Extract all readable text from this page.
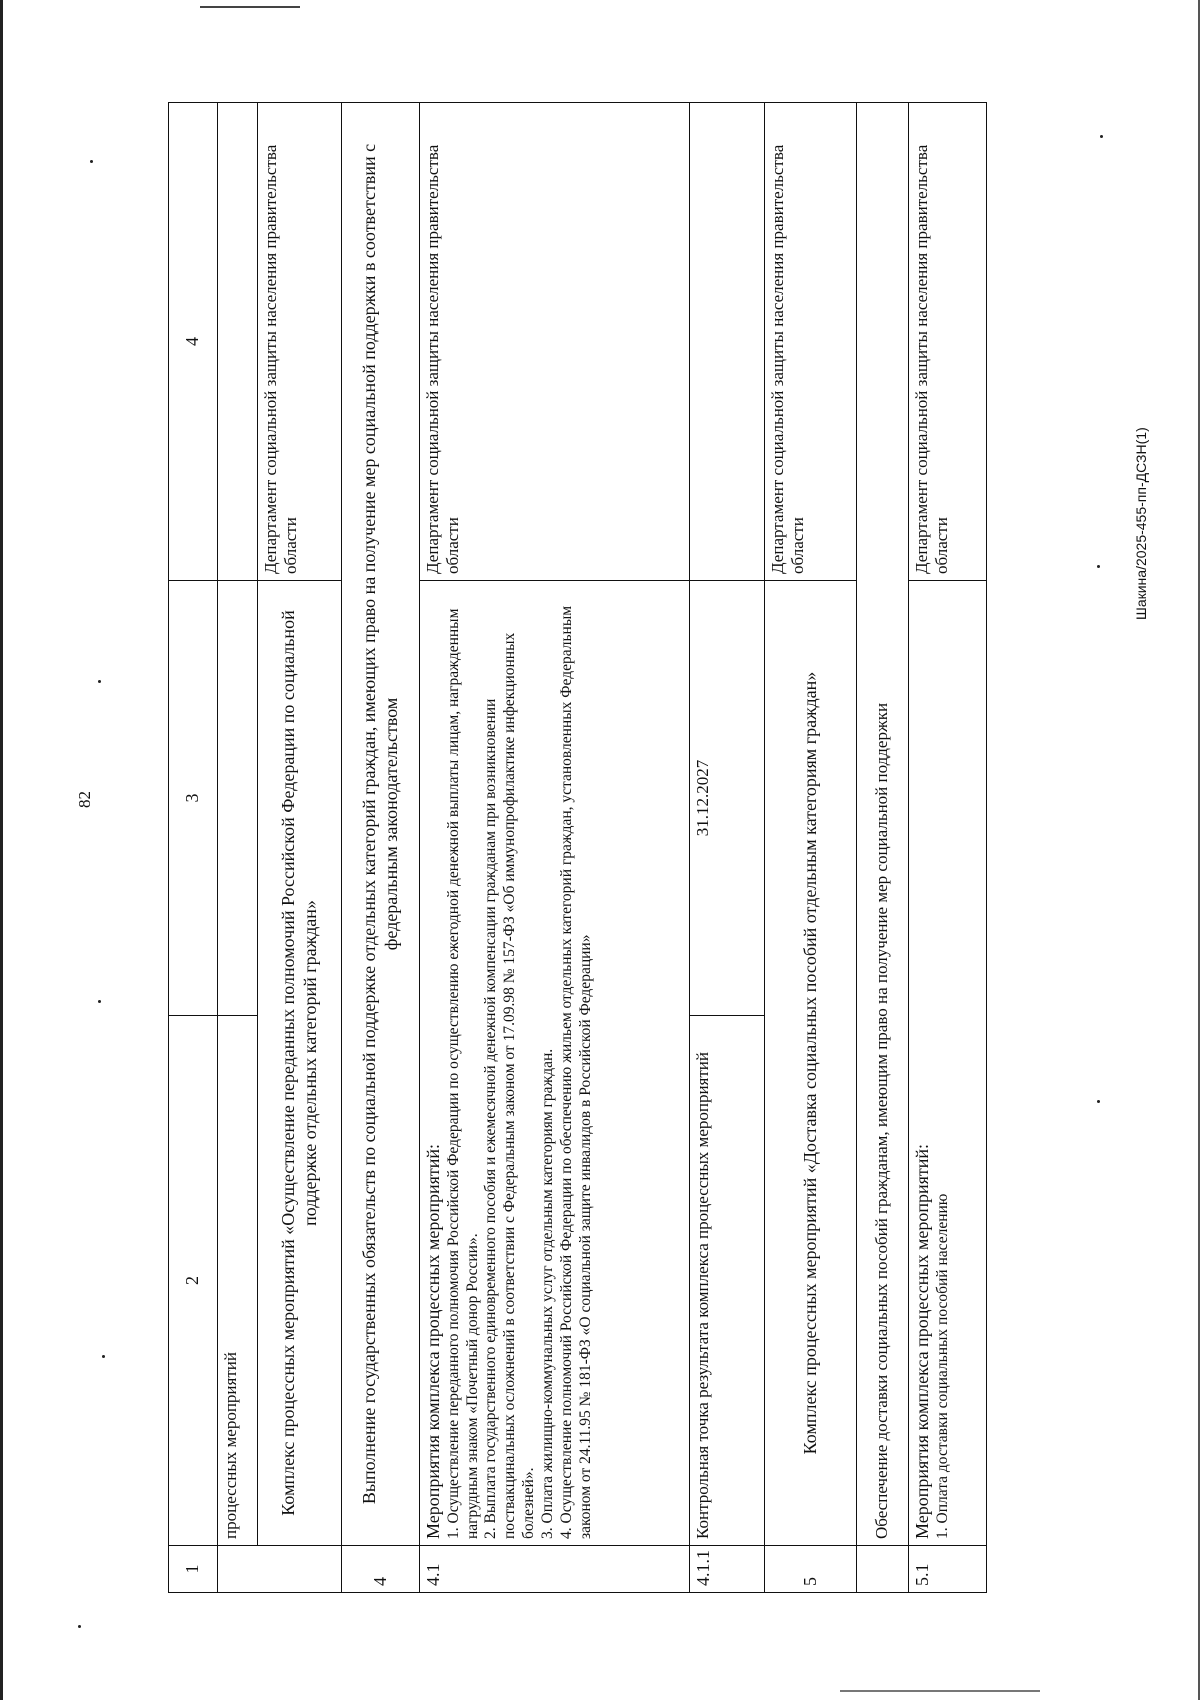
82
Шакина/2025-455-пп-ДСЗН(1)
1	2	3	4
	процессных мероприятий		
	Комплекс процессных мероприятий «Осуществление переданных полномочий Российской Федерации по социальной поддержке отдельных категорий граждан»		Департамент социальной защиты населения правительства области
4	Выполнение государственных обязательств по социальной поддержке отдельных категорий граждан, имеющих право на получение мер социальной поддержки в соответствии с федеральным законодательством		
4.1	Мероприятия комплекса процессных мероприятий: 1. Осуществление переданного полномочия Российской Федерации по осуществлению ежегодной денежной выплаты лицам, награжденным нагрудным знаком «Почетный донор России». 2. Выплата государственного единовременного пособия и ежемесячной денежной компенсации гражданам при возникновении поствакцинальных осложнений в соответствии с Федеральным законом от 17.09.98 № 157-ФЗ «Об иммунопрофилактике инфекционных болезней». 3. Оплата жилищно-коммунальных услуг отдельным категориям граждан. 4. Осуществление полномочий Российской Федерации по обеспечению жильем отдельных категорий граждан, установленных Федеральным законом от 24.11.95 № 181-ФЗ «О социальной защите инвалидов в Российской Федерации»		Департамент социальной защиты населения правительства области
4.1.1	Контрольная точка результата комплекса процессных мероприятий	31.12.2027	
5	Комплекс процессных мероприятий «Доставка социальных пособий отдельным категориям граждан»		Департамент социальной защиты населения правительства области
	Обеспечение доставки социальных пособий гражданам, имеющим право на получение мер социальной поддержки		
5.1	Мероприятия комплекса процессных мероприятий: 1. Оплата доставки социальных пособий населению		Департамент социальной защиты населения правительства области
